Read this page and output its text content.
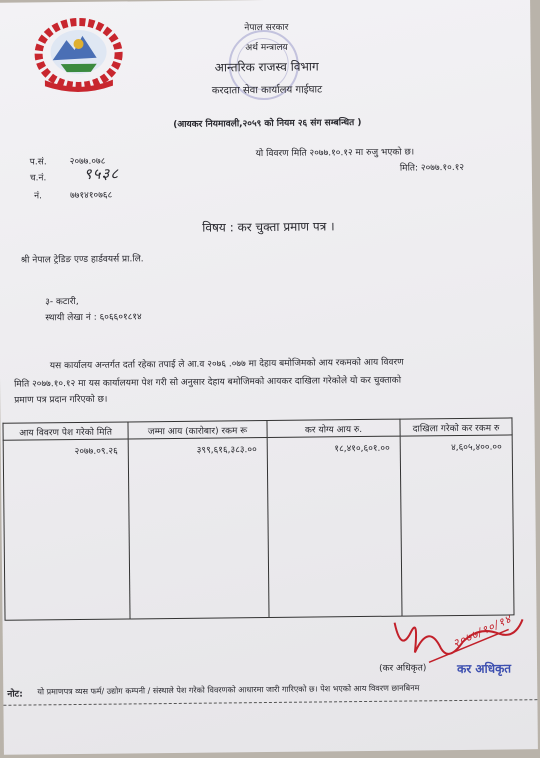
नेपाल सरकार
अर्थ मन्त्रालय
आन्तरिक राजस्व विभाग
करदाता सेवा कार्यालय गाईघाट
(आयकर नियमावली,२०५९ को नियम २६ संग सम्बन्धित )
प.सं.	२०७७.०७८
च.नं. ९५३८
नं.	७७१४१०७६८
यो विवरण मिति २०७७.१०.१२ मा रुजु भएको छ।
मिति: २०७७.१०.१२
विषय : कर चुक्ता प्रमाण पत्र ।
श्री नेपाल ट्रेडिङ एण्ड हार्डवयर्स प्रा.लि.
३- कटारी,
स्थायी लेखा नं : ६०६६०१८१४
यस कार्यालय अन्तर्गत दर्ता रहेका तपाई ले आ.व २०७६ .०७७ मा देहाय बमोजिमको आय रकमको आय विवरण
मिति २०७७.१०.१२ मा यस कार्यालयमा पेश गरी सो अनुसार देहाय बमोजिमको आयकर दाखिला गरेकोले यो कर चुक्ताको
प्रमाण पत्र प्रदान गरिएको छ।
आय विवरण पेश गरेको मिति	जम्मा आय (कारोबार) रकम रू	कर योग्य आय रु.	दाखिला गरेको कर रकम रु
२०७७.०९.२६	३९९,६१६,३८३.००	१८,४१०,६०१.००	४,६०५,४००.००
२०७७/१०/१४
(कर अधिकृत)	कर अधिकृत
नोट: यो प्रमाणपत्र व्यस फर्म/ उद्योग कम्पनी / संस्थाले पेश गरेको विवरणको आधारमा जारी गारिएको छ। पेश भएको आय विवरण छानबिनम
